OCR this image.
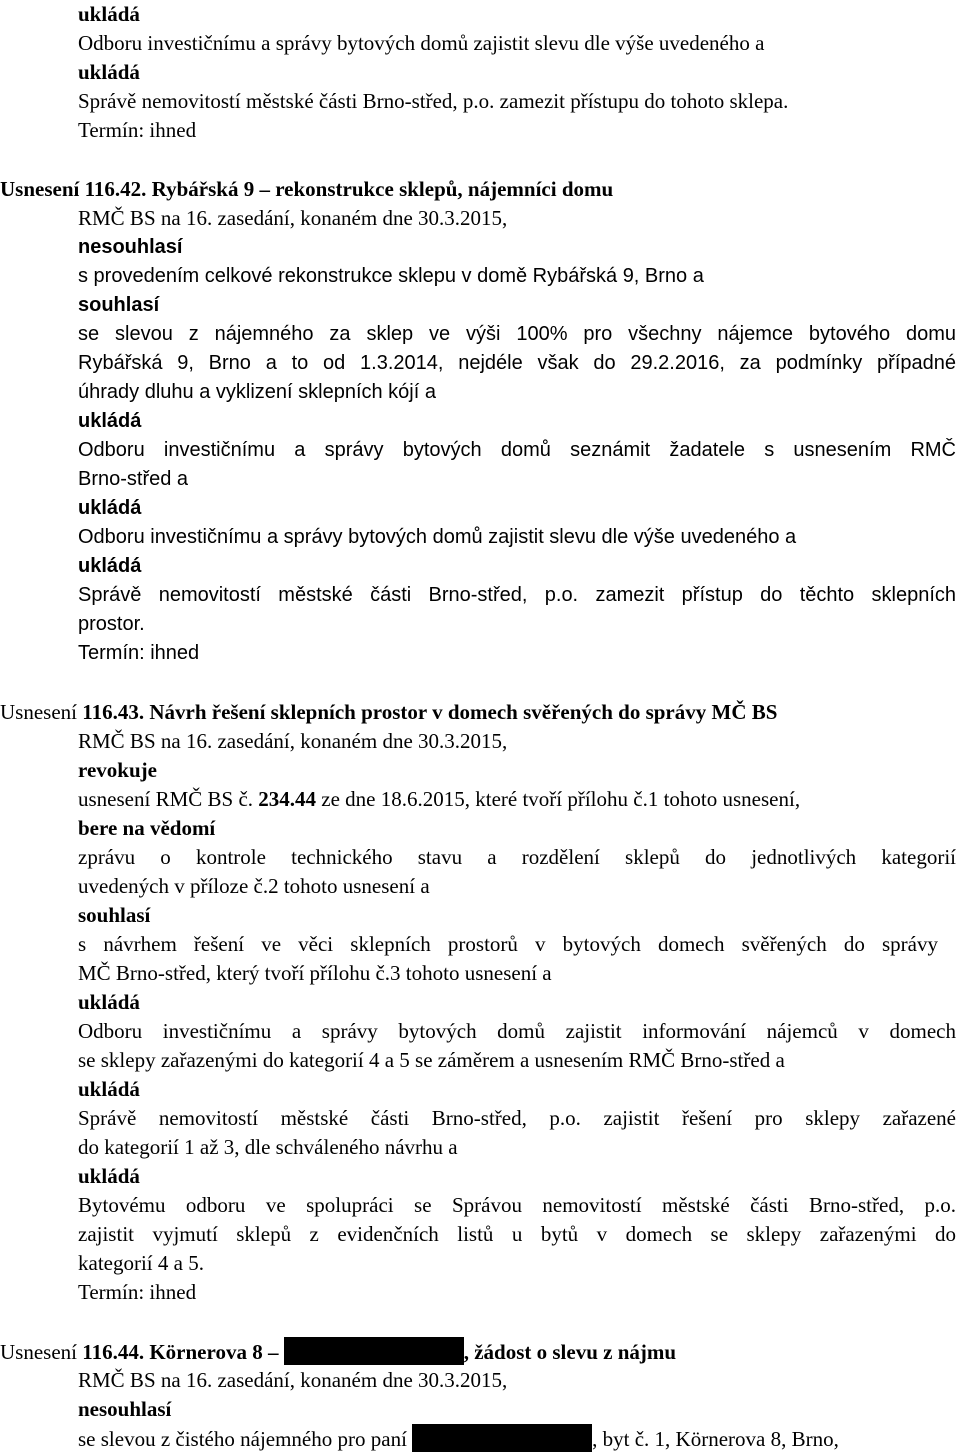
ukládá
Odboru investičnímu a správy bytových domů zajistit slevu dle výše uvedeného a
ukládá
Správě nemovitostí městské části Brno-střed, p.o. zamezit přístupu do tohoto sklepa.
Termín: ihned
Usnesení 116.42. Rybářská 9 – rekonstrukce sklepů, nájemníci domu
RMČ BS na 16. zasedání, konaném dne 30.3.2015,
nesouhlasí
s provedením celkové rekonstrukce sklepu v domě Rybářská 9, Brno a
souhlasí
se slevou z nájemného za sklep ve výši 100% pro všechny nájemce bytového domu
Rybářská 9, Brno a to od 1.3.2014, nejdéle však do 29.2.2016, za podmínky případné
úhrady dluhu a vyklizení sklepních kójí a
ukládá
Odboru investičnímu a správy bytových domů seznámit žadatele s usnesením RMČ
Brno-střed a
ukládá
Odboru investičnímu a správy bytových domů zajistit slevu dle výše uvedeného a
ukládá
Správě nemovitostí městské části Brno-střed, p.o. zamezit přístup do těchto sklepních
prostor.
Termín: ihned
Usnesení 116.43. Návrh řešení sklepních prostor v domech svěřených do správy MČ BS
RMČ BS na 16. zasedání, konaném dne 30.3.2015,
revokuje
usnesení RMČ BS č. 234.44 ze dne 18.6.2015, které tvoří přílohu č.1 tohoto usnesení,
bere na vědomí
zprávu o kontrole technického stavu a rozdělení sklepů do jednotlivých kategorií
uvedených v příloze č.2 tohoto usnesení a
souhlasí
s návrhem řešení ve věci sklepních prostorů v bytových domech svěřených do správy
MČ Brno-střed, který tvoří přílohu č.3 tohoto usnesení a
ukládá
Odboru investičnímu a správy bytových domů zajistit informování nájemců v domech
se sklepy zařazenými do kategorií 4 a 5 se záměrem a usnesením RMČ Brno-střed a
ukládá
Správě nemovitostí městské části Brno-střed, p.o. zajistit řešení pro sklepy zařazené
do kategorií 1 až 3, dle schváleného návrhu a
ukládá
Bytovému odboru ve spolupráci se Správou nemovitostí městské části Brno-střed, p.o.
zajistit vyjmutí sklepů z evidenčních listů u bytů v domech se sklepy zařazenými do
kategorií 4 a 5.
Termín: ihned
Usnesení 116.44. Körnerova 8 –	, žádost o slevu z nájmu
RMČ BS na 16. zasedání, konaném dne 30.3.2015,
nesouhlasí
se slevou z čistého nájemného pro paní	, byt č. 1, Körnerova 8, Brno,
